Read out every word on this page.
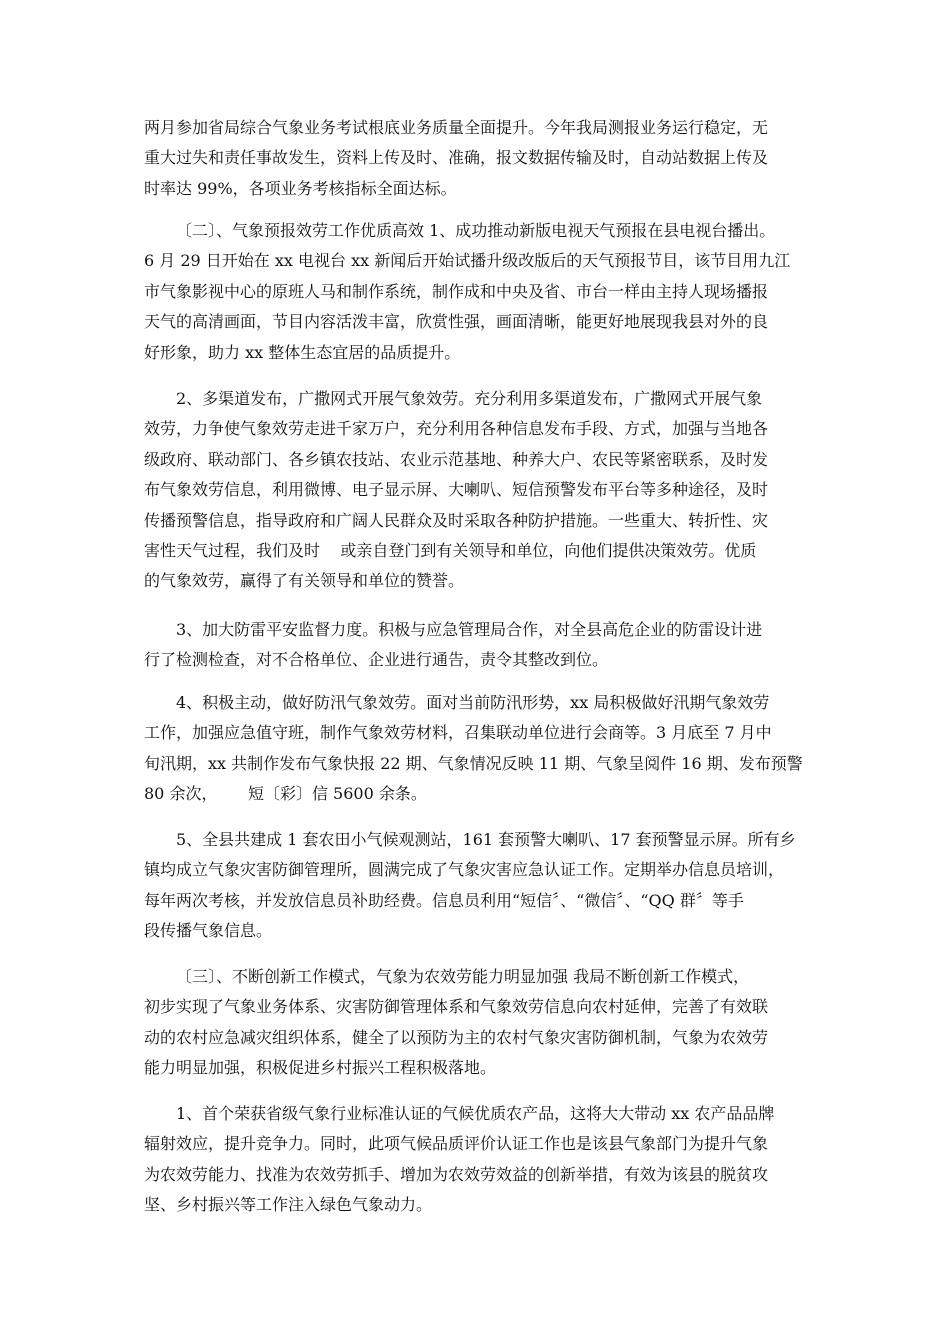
两月参加省局综合气象业务考试根底业务质量全面提升。今年我局测报业务运行稳定，无
重大过失和责任事故发生，资料上传及时、准确，报文数据传输及时，自动站数据上传及
时率达 99%，各项业务考核指标全面达标。

〔二〕、气象预报效劳工作优质高效 1、成功推动新版电视天气预报在县电视台播出。
6 月 29 日开始在 xx 电视台 xx 新闻后开始试播升级改版后的天气预报节目，该节目用九江
市气象影视中心的原班人马和制作系统，制作成和中央及省、市台一样由主持人现场播报
天气的高清画面，节目内容活泼丰富，欣赏性强，画面清晰，能更好地展现我县对外的良
好形象，助力 xx 整体生态宜居的品质提升。

2、多渠道发布，广撒网式开展气象效劳。充分利用多渠道发布，广撒网式开展气象
效劳，力争使气象效劳走进千家万户，充分利用各种信息发布手段、方式，加强与当地各
级政府、联动部门、各乡镇农技站、农业示范基地、种养大户、农民等紧密联系，及时发
布气象效劳信息，利用微博、电子显示屏、大喇叭、短信预警发布平台等多种途径，及时
传播预警信息，指导政府和广阔人民群众及时采取各种防护措施。一些重大、转折性、灾
害性天气过程，我们及时    或亲自登门到有关领导和单位，向他们提供决策效劳。优质
的气象效劳，赢得了有关领导和单位的赞誉。

3、加大防雷平安监督力度。积极与应急管理局合作，对全县高危企业的防雷设计进
行了检测检查，对不合格单位、企业进行通告，责令其整改到位。

4、积极主动，做好防汛气象效劳。面对当前防汛形势，xx 局积极做好汛期气象效劳
工作，加强应急值守班，制作气象效劳材料，召集联动单位进行会商等。3 月底至 7 月中
旬汛期，xx 共制作发布气象快报 22 期、气象情况反映 11 期、气象呈阅件 16 期、发布预警
80 余次，      短〔彩〕信 5600 余条。

5、全县共建成 1 套农田小气候观测站，161 套预警大喇叭、17 套预警显示屏。所有乡
镇均成立气象灾害防御管理所，圆满完成了气象灾害应急认证工作。定期举办信息员培训，
每年两次考核，并发放信息员补助经费。信息员利用“短信〞、“微信〞、“QQ 群〞等手
段传播气象信息。

〔三〕、不断创新工作模式，气象为农效劳能力明显加强 我局不断创新工作模式，
初步实现了气象业务体系、灾害防御管理体系和气象效劳信息向农村延伸，完善了有效联
动的农村应急减灾组织体系，健全了以预防为主的农村气象灾害防御机制，气象为农效劳
能力明显加强，积极促进乡村振兴工程积极落地。

1、首个荣获省级气象行业标准认证的气候优质农产品，这将大大带动 xx 农产品品牌
辐射效应，提升竞争力。同时，此项气候品质评价认证工作也是该县气象部门为提升气象
为农效劳能力、找准为农效劳抓手、增加为农效劳效益的创新举措，有效为该县的脱贫攻
坚、乡村振兴等工作注入绿色气象动力。
